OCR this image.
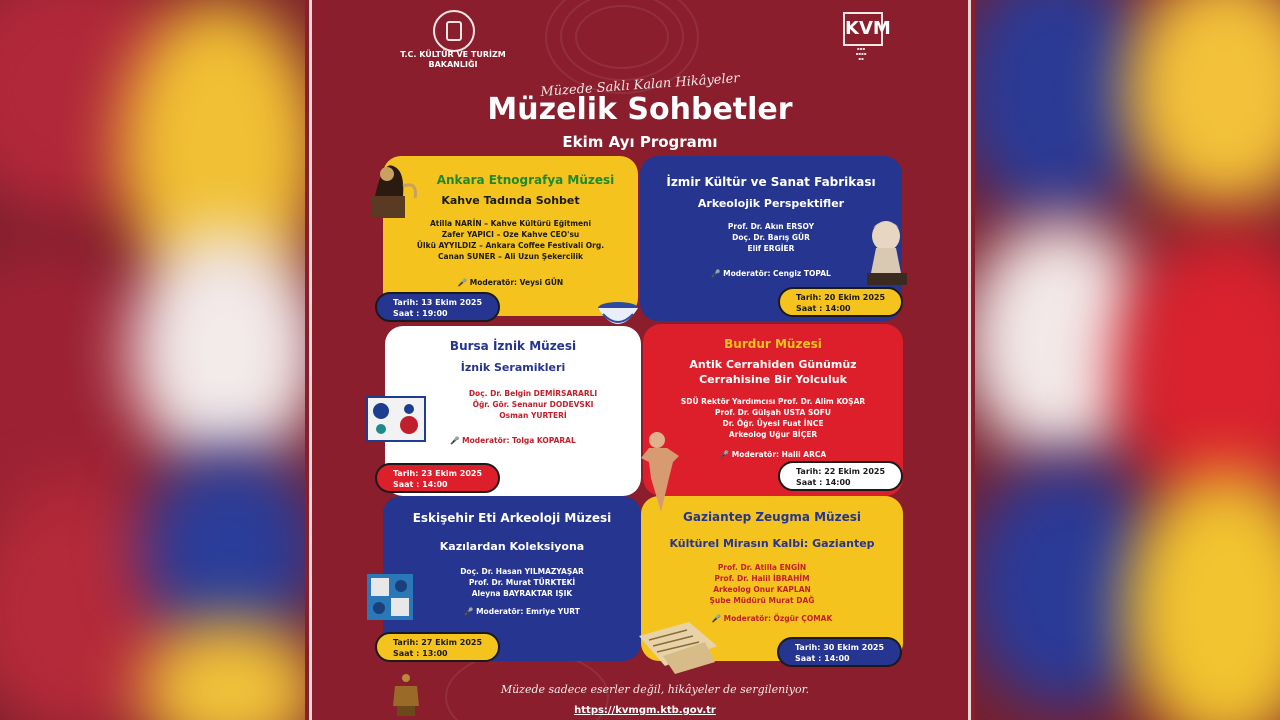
T.C. KÜLTÜR VE TURİZM BAKANLIĞI
KVM
▪▪▪
▪▪▪▪
▪▪
Müzede Saklı Kalan Hikâyeler
Müzelik Sohbetler
Ekim Ayı Programı
Ankara Etnografya Müzesi
Kahve Tadında Sohbet
Atilla NARİN – Kahve Kültürü Eğitmeni
Zafer YAPICI – Oze Kahve CEO'su
Ülkü AYYILDIZ – Ankara Coffee Festivali Org.
Canan SUNER – Ali Uzun Şekercilik
🎤 Moderatör: Veysi GÜN
Tarih: 13 Ekim 2025
Saat : 19:00
İzmir Kültür ve Sanat Fabrikası
Arkeolojik Perspektifler
Prof. Dr. Akın ERSOY
Doç. Dr. Barış GÜR
Elif ERGİER
🎤 Moderatör: Cengiz TOPAL
Tarih: 20 Ekim 2025
Saat : 14:00
Bursa İznik Müzesi
İznik Seramikleri
Doç. Dr. Belgin DEMİRSARARLI
Öğr. Gör. Senanur DODEVSKI
Osman YURTERİ
🎤 Moderatör: Tolga KOPARAL
Tarih: 23 Ekim 2025
Saat : 14:00
Burdur Müzesi
Antik Cerrahiden Günümüz
Cerrahisine Bir Yolculuk
SDÜ Rektör Yardımcısı Prof. Dr. Alim KOŞAR
Prof. Dr. Gülşah USTA SOFU
Dr. Öğr. Üyesi Fuat İNCE
Arkeolog Uğur BİÇER
🎤 Moderatör: Halil ARCA
Tarih: 22 Ekim 2025
Saat : 14:00
Eskişehir Eti Arkeoloji Müzesi
Kazılardan Koleksiyona
Doç. Dr. Hasan YILMAZYAŞAR
Prof. Dr. Murat TÜRKTEKİ
Aleyna BAYRAKTAR IŞIK
🎤 Moderatör: Emriye YURT
Tarih: 27 Ekim 2025
Saat : 13:00
Gaziantep Zeugma Müzesi
Kültürel Mirasın Kalbi: Gaziantep
Prof. Dr. Atilla ENGİN
Prof. Dr. Halil İBRAHİM
Arkeolog Onur KAPLAN
Şube Müdürü Murat DAĞ
🎤 Moderatör: Özgür ÇOMAK
Tarih: 30 Ekim 2025
Saat : 14:00
Müzede sadece eserler değil, hikâyeler de sergileniyor.
https://kvmgm.ktb.gov.tr
